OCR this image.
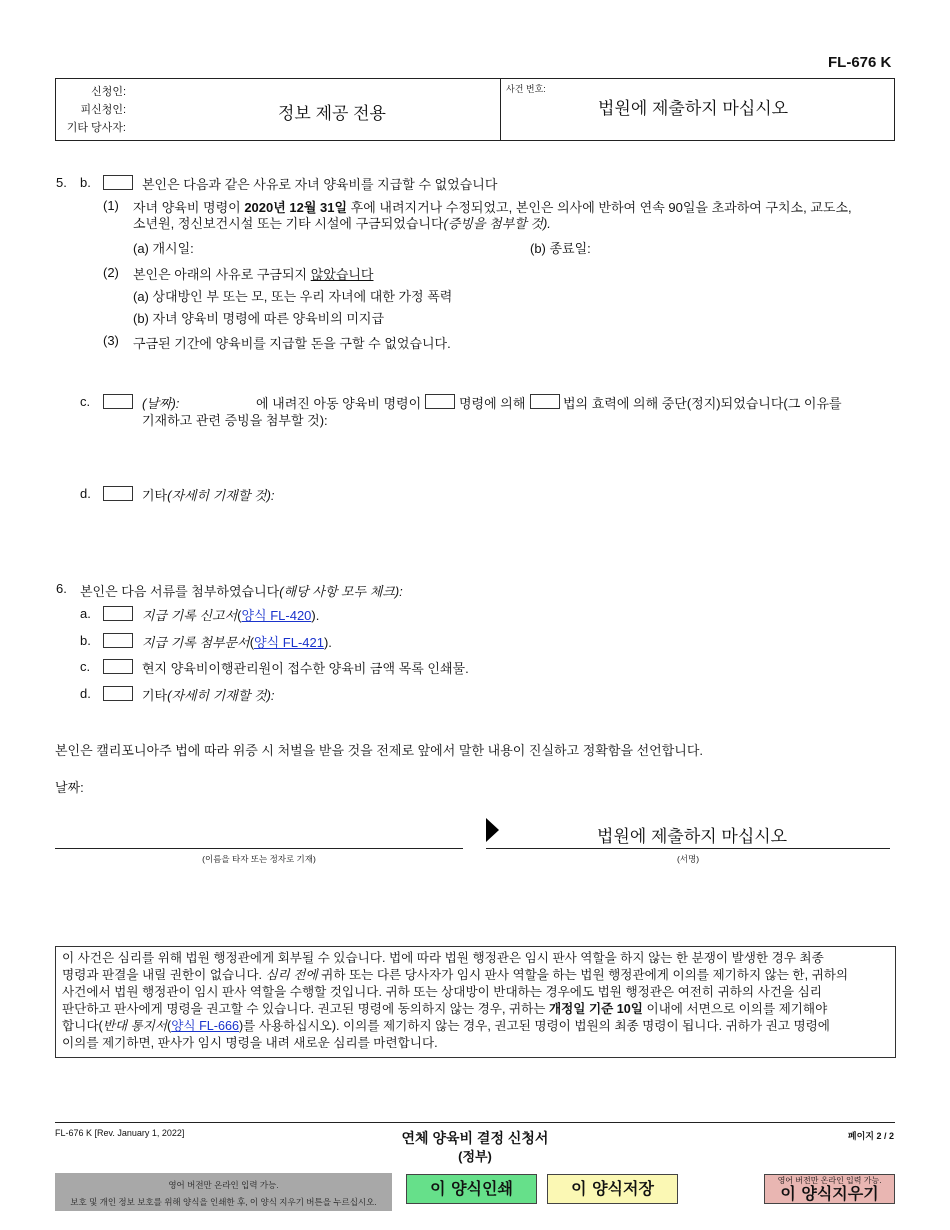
FL-676 K
신청인:
피신청인:
기타 당사자:
정보 제공 전용
사건 번호:
법원에 제출하지 마십시오
5. b.	본인은 다음과 같은 사유로 자녀 양육비를 지급할 수 없었습니다
(1) 자녀 양육비 명령이 2020년 12월 31일 후에 내려지거나 수정되었고, 본인은 의사에 반하여 연속 90일을 초과하여 구치소, 교도소,
소년원, 정신보건시설 또는 기타 시설에 구금되었습니다(증빙을 첨부할 것).
(a) 개시일:	(b) 종료일:
(2) 본인은 아래의 사유로 구금되지 않았습니다
(a) 상대방인 부 또는 모, 또는 우리 자녀에 대한 가정 폭력
(b) 자녀 양육비 명령에 따른 양육비의 미지급
(3) 구금된 기간에 양육비를 지급할 돈을 구할 수 없었습니다.
c.	(날짜):	에 내려진 아동 양육비 명령이	명령에 의해	법의 효력에 의해 중단(정지)되었습니다(그 이유를
기재하고 관련 증빙을 첨부할 것):
d.	기타(자세히 기재할 것):
6. 본인은 다음 서류를 첨부하였습니다(해당 사항 모두 체크):
a.	지급 기록 신고서(양식 FL-420).
b.	지급 기록 첨부문서(양식 FL-421).
c.	현지 양육비이행관리원이 접수한 양육비 금액 목록 인쇄물.
d.	기타(자세히 기재할 것):
본인은 캘리포니아주 법에 따라 위증 시 처벌을 받을 것을 전제로 앞에서 말한 내용이 진실하고 정확함을 선언합니다.
날짜:
(이름을 타자 또는 정자로 기재)
법원에 제출하지 마십시오
(서명)
이 사건은 심리를 위해 법원 행정관에게 회부될 수 있습니다. 법에 따라 법원 행정관은 임시 판사 역할을 하지 않는 한 분쟁이 발생한 경우 최종
명령과 판결을 내릴 권한이 없습니다. 심리 전에 귀하 또는 다른 당사자가 임시 판사 역할을 하는 법원 행정관에게 이의를 제기하지 않는 한, 귀하의
사건에서 법원 행정관이 임시 판사 역할을 수행할 것입니다. 귀하 또는 상대방이 반대하는 경우에도 법원 행정관은 여전히 귀하의 사건을 심리
판단하고 판사에게 명령을 권고할 수 있습니다. 권고된 명령에 동의하지 않는 경우, 귀하는 개정일 기준 10일 이내에 서면으로 이의를 제기해야
합니다(반대 통지서(양식 FL-666)를 사용하십시오). 이의를 제기하지 않는 경우, 권고된 명령이 법원의 최종 명령이 됩니다. 귀하가 권고 명령에
이의를 제기하면, 판사가 임시 명령을 내려 새로운 심리를 마련합니다.
FL-676 K [Rev. January 1, 2022]	연체 양육비 결정 신청서
(정부)
페이지 2 / 2
영어 버전만 온라인 입력 가능.
보호 및 개인 정보 보호를 위해 양식을 인쇄한 후, 이 양식 지우기 버튼을 누르십시오.
이 양식인쇄	이 양식저장	영어 버전만 온라인 입력 가능.
이 양식지우기
